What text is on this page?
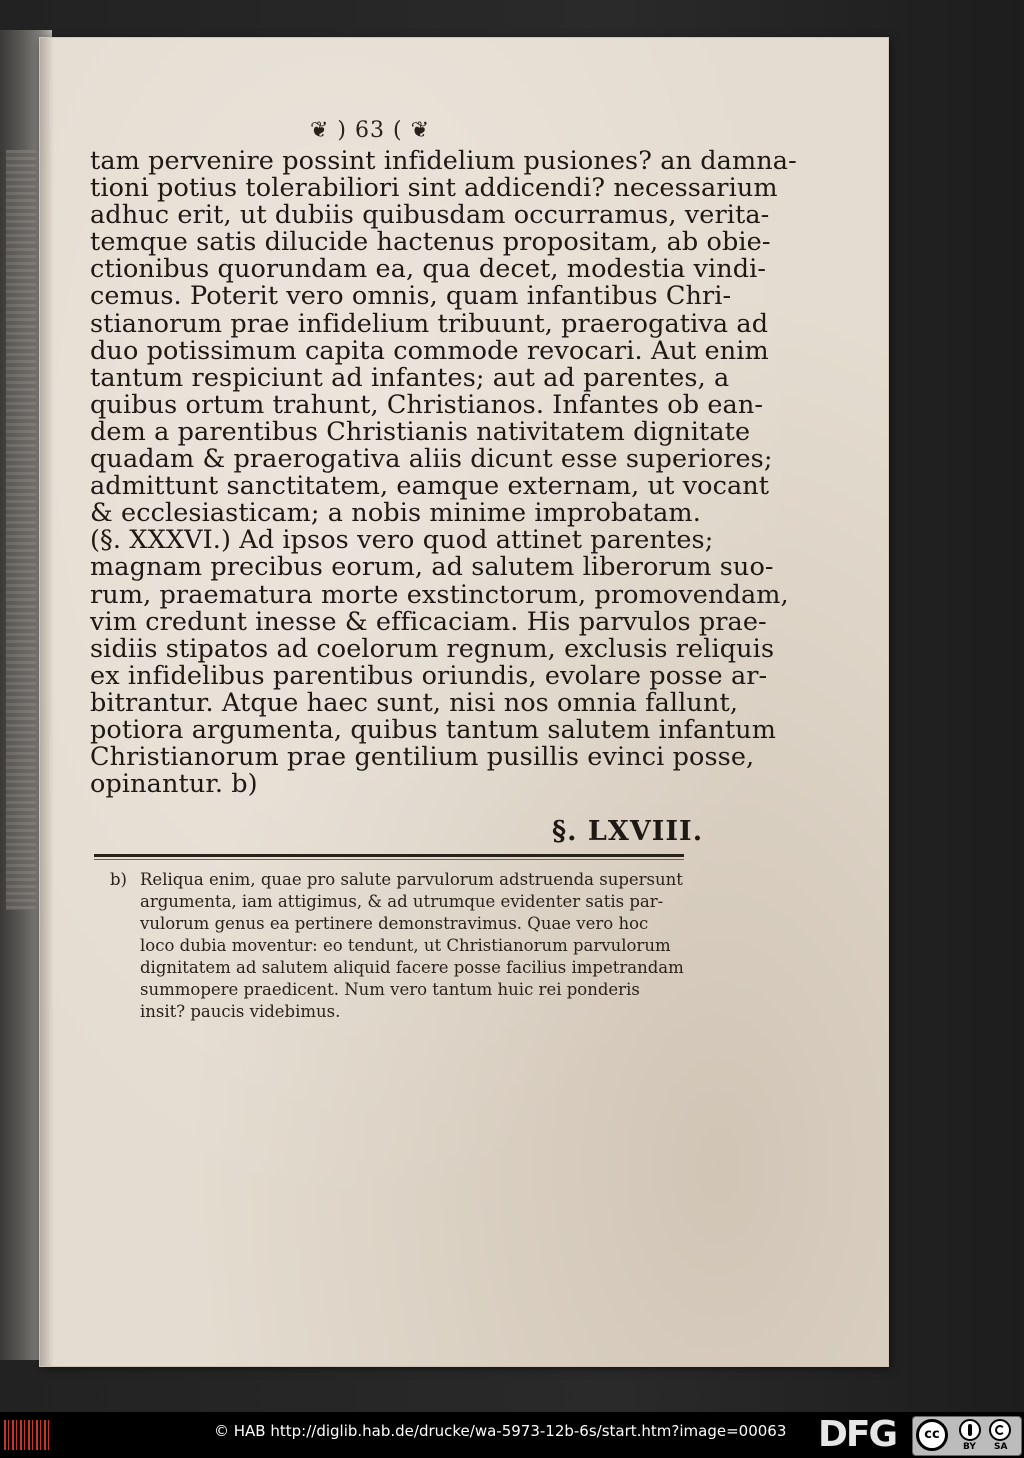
❦ ) 63 ( ❦
tam pervenire possint infidelium pusiones? an damna-
tioni potius tolerabiliori sint addicendi? necessarium
adhuc erit, ut dubiis quibusdam occurramus, verita-
temque satis dilucide hactenus propositam, ab obie-
ctionibus quorundam ea, qua decet, modestia vindi-
cemus. Poterit vero omnis, quam infantibus Chri-
stianorum prae infidelium tribuunt, praerogativa ad
duo potissimum capita commode revocari. Aut enim
tantum respiciunt ad infantes; aut ad parentes, a
quibus ortum trahunt, Christianos. Infantes ob ean-
dem a parentibus Christianis nativitatem dignitate
quadam & praerogativa aliis dicunt esse superiores;
admittunt sanctitatem, eamque externam, ut vocant
& ecclesiasticam; a nobis minime improbatam.
(§. XXXVI.) Ad ipsos vero quod attinet parentes;
magnam precibus eorum, ad salutem liberorum suo-
rum, praematura morte exstinctorum, promovendam,
vim credunt inesse & efficaciam. His parvulos prae-
sidiis stipatos ad coelorum regnum, exclusis reliquis
ex infidelibus parentibus oriundis, evolare posse ar-
bitrantur. Atque haec sunt, nisi nos omnia fallunt,
potiora argumenta, quibus tantum salutem infantum
Christianorum prae gentilium pusillis evinci posse,
opinantur. b)
§. LXVIII.
b) Reliqua enim, quae pro salute parvulorum adstruenda supersunt
argumenta, iam attigimus, & ad utrumque evidenter satis par-
vulorum genus ea pertinere demonstravimus. Quae vero hoc
loco dubia moventur: eo tendunt, ut Christianorum parvulorum
dignitatem ad salutem aliquid facere posse facilius impetrandam
summopere praedicent. Num vero tantum huic rei ponderis
insit? paucis videbimus.
© HAB http://diglib.hab.de/drucke/wa-5973-12b-6s/start.htm?image=00063 DFG	cc
BY SA
